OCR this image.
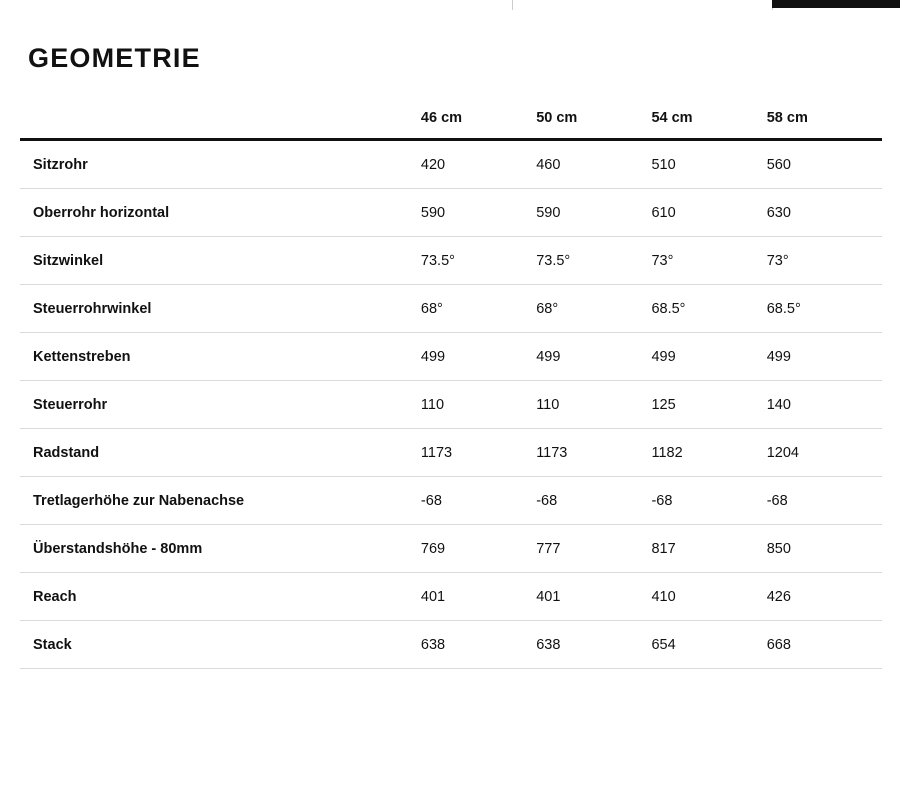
GEOMETRIE
	46 cm	50 cm	54 cm	58 cm
Sitzrohr	420	460	510	560
Oberrohr horizontal	590	590	610	630
Sitzwinkel	73.5°	73.5°	73°	73°
Steuerrohrwinkel	68°	68°	68.5°	68.5°
Kettenstreben	499	499	499	499
Steuerrohr	110	110	125	140
Radstand	1173	1173	1182	1204
Tretlagerhöhe zur Nabenachse	-68	-68	-68	-68
Überstandshöhe - 80mm	769	777	817	850
Reach	401	401	410	426
Stack	638	638	654	668
